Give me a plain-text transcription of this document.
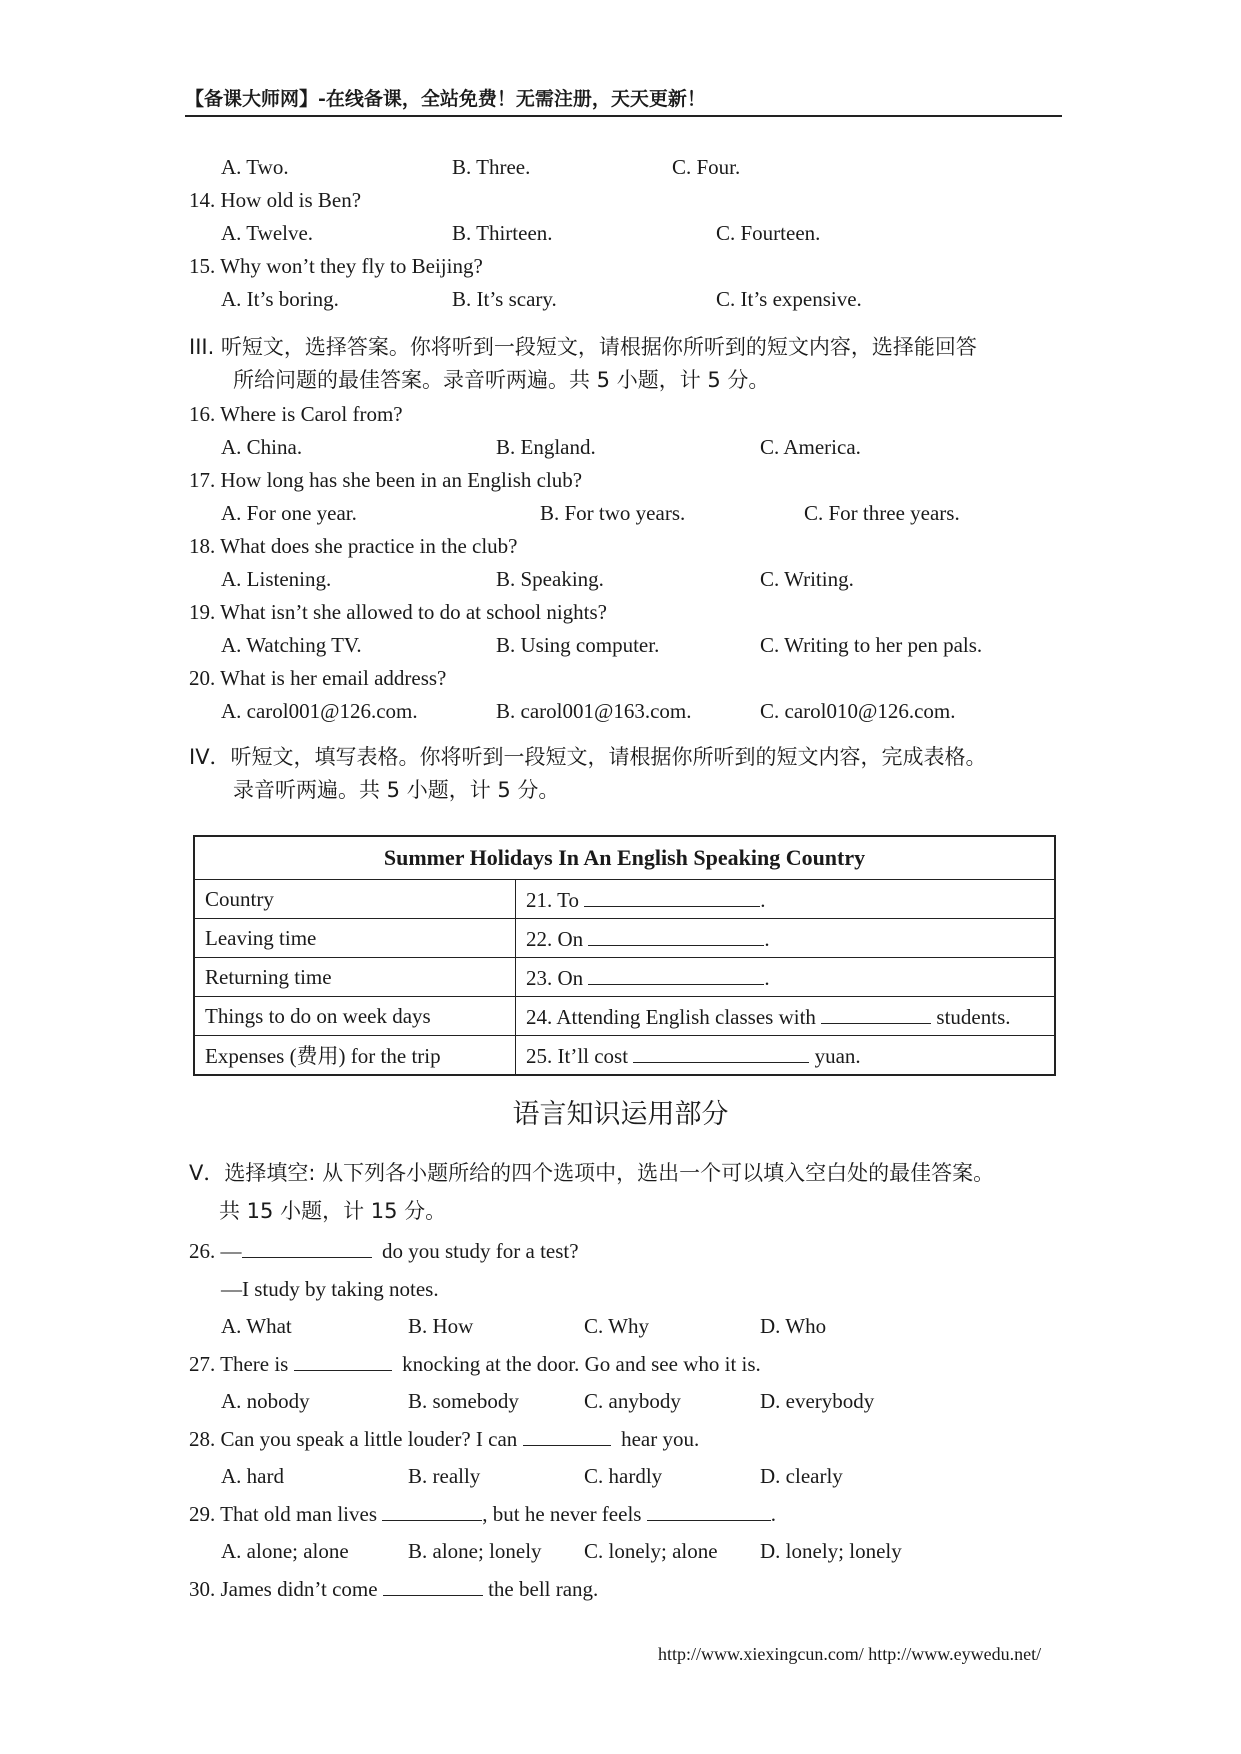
【备课大师网】-在线备课，全站免费！无需注册，天天更新！
A. Two.	B. Three.	C. Four.
14. How old is Ben?
A. Twelve.	B. Thirteen.	C. Fourteen.
15. Why won’t they fly to Beijing?
A. It’s boring.	B. It’s scary.	C. It’s expensive.
III. 听短文，选择答案。你将听到一段短文，请根据你所听到的短文内容，选择能回答
所给问题的最佳答案。录音听两遍。共 5 小题，计 5 分。
16. Where is Carol from?
A. China.	B. England.	C. America.
17. How long has she been in an English club?
A. For one year.	B. For two years.	C. For three years.
18. What does she practice in the club?
A. Listening.	B. Speaking.	C. Writing.
19. What isn’t she allowed to do at school nights?
A. Watching TV.	B. Using computer.	C. Writing to her pen pals.
20. What is her email address?
A. carol001@126.com.	B. carol001@163.com.	C. carol010@126.com.
IV．听短文，填写表格。你将听到一段短文，请根据你所听到的短文内容，完成表格。
录音听两遍。共 5 小题，计 5 分。
Summer Holidays In An English Speaking Country	
Country	21. To .
Leaving time	22. On .
Returning time	23. On .
Things to do on week days	24. Attending English classes with students.
Expenses (费用) for the trip	25. It’ll cost yuan.
语言知识运用部分
V．选择填空: 从下列各小题所给的四个选项中，选出一个可以填入空白处的最佳答案。
共 15 小题，计 15 分。
26. —	do you study for a test?
—I study by taking notes.
A. What	B. How	C. Why	D. Who
27. There is	knocking at the door. Go and see who it is.
A. nobody	B. somebody	C. anybody	D. everybody
28. Can you speak a little louder? I can	hear you.
A. hard	B. really	C. hardly	D. clearly
29. That old man lives	, but he never feels	.
A. alone; alone	B. alone; lonely C. lonely; alone D. lonely; lonely
30. James didn’t come	the bell rang.
http://www.xiexingcun.com/ http://www.eywedu.net/
